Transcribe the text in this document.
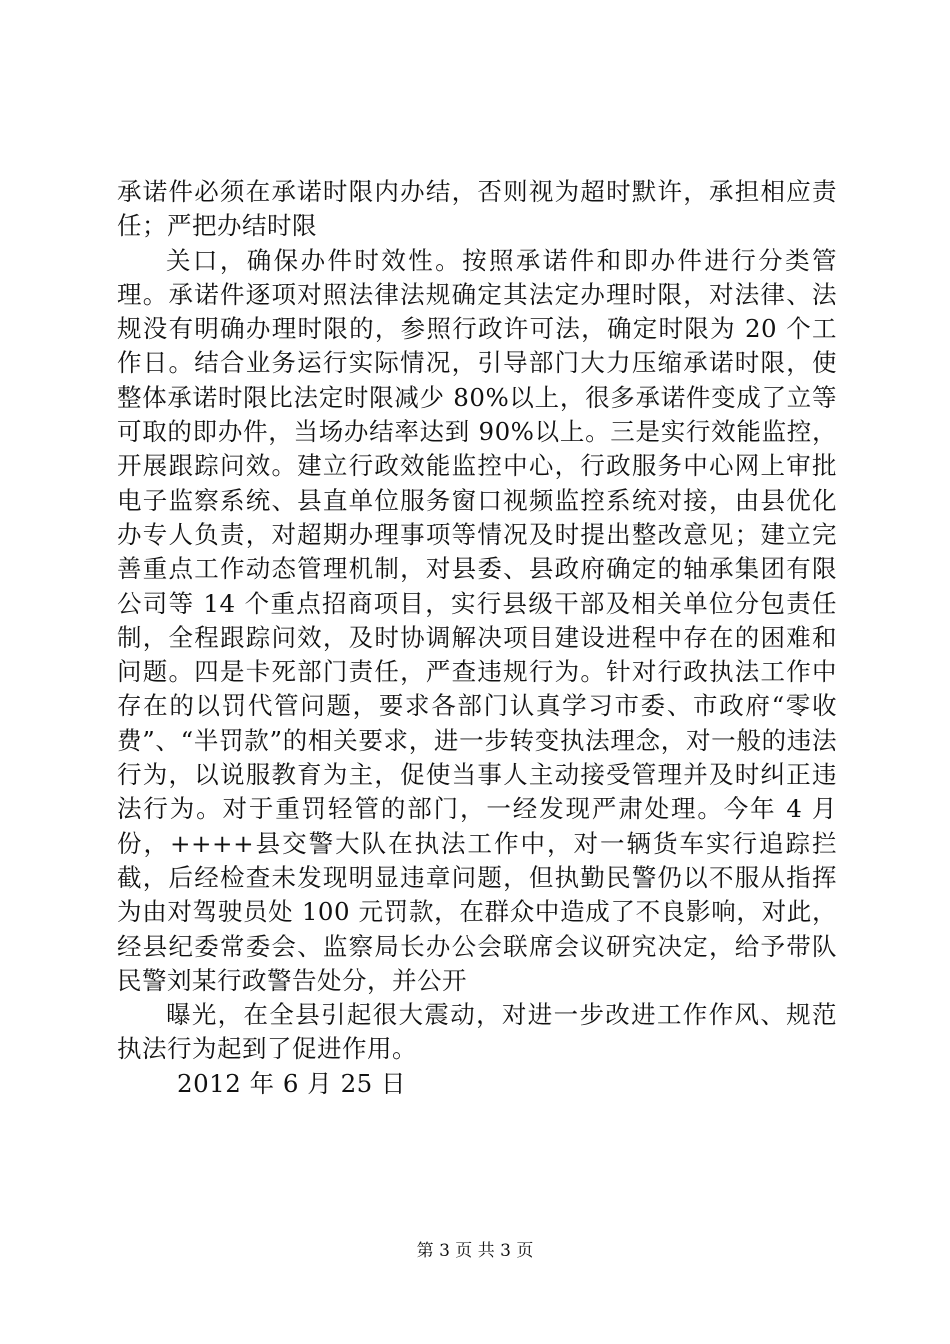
承诺件必须在承诺时限内办结，否则视为超时默许，承担相应责任；严把办结时限

关口，确保办件时效性。按照承诺件和即办件进行分类管理。承诺件逐项对照法律法规确定其法定办理时限，对法律、法规没有明确办理时限的，参照行政许可法，确定时限为 20 个工作日。结合业务运行实际情况，引导部门大力压缩承诺时限，使整体承诺时限比法定时限减少 80%以上，很多承诺件变成了立等可取的即办件，当场办结率达到 90%以上。三是实行效能监控，开展跟踪问效。建立行政效能监控中心，行政服务中心网上审批电子监察系统、县直单位服务窗口视频监控系统对接，由县优化办专人负责，对超期办理事项等情况及时提出整改意见；建立完善重点工作动态管理机制，对县委、县政府确定的轴承集团有限公司等 14 个重点招商项目，实行县级干部及相关单位分包责任制，全程跟踪问效，及时协调解决项目建设进程中存在的困难和问题。四是卡死部门责任，严查违规行为。针对行政执法工作中存在的以罚代管问题，要求各部门认真学习市委、市政府“零收费”、“半罚款”的相关要求，进一步转变执法理念，对一般的违法行为，以说服教育为主，促使当事人主动接受管理并及时纠正违法行为。对于重罚轻管的部门，一经发现严肃处理。今年 4 月份，++++县交警大队在执法工作中，对一辆货车实行追踪拦截，后经检查未发现明显违章问题，但执勤民警仍以不服从指挥为由对驾驶员处 100 元罚款，在群众中造成了不良影响，对此，经县纪委常委会、监察局长办公会联席会议研究决定，给予带队民警刘某行政警告处分，并公开

曝光，在全县引起很大震动，对进一步改进工作作风、规范执法行为起到了促进作用。

2012 年 6 月 25 日

第 3 页 共 3 页
